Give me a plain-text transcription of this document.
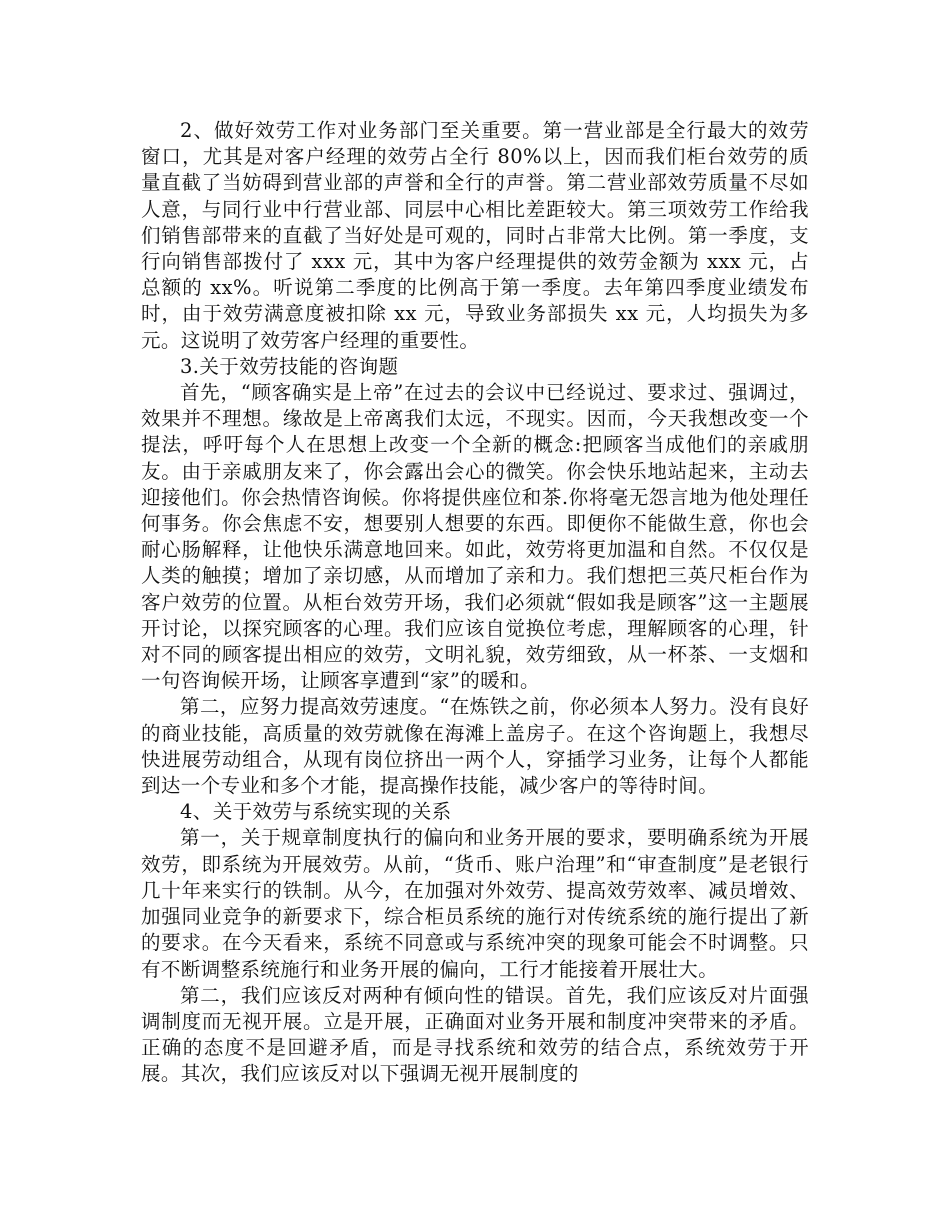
2、做好效劳工作对业务部门至关重要。第一营业部是全行最大的效劳窗口，尤其是对客户经理的效劳占全行 80%以上，因而我们柜台效劳的质量直截了当妨碍到营业部的声誉和全行的声誉。第二营业部效劳质量不尽如人意，与同行业中行营业部、同层中心相比差距较大。第三项效劳工作给我们销售部带来的直截了当好处是可观的，同时占非常大比例。第一季度，支行向销售部拨付了 xxx 元，其中为客户经理提供的效劳金额为 xxx 元，占总额的 xx%。听说第二季度的比例高于第一季度。去年第四季度业绩发布时，由于效劳满意度被扣除 xx 元，导致业务部损失 xx 元，人均损失为多元。这说明了效劳客户经理的重要性。

3.关于效劳技能的咨询题

首先，“顾客确实是上帝”在过去的会议中已经说过、要求过、强调过，效果并不理想。缘故是上帝离我们太远，不现实。因而，今天我想改变一个提法，呼吁每个人在思想上改变一个全新的概念:把顾客当成他们的亲戚朋友。由于亲戚朋友来了，你会露出会心的微笑。你会快乐地站起来，主动去迎接他们。你会热情咨询候。你将提供座位和茶.你将毫无怨言地为他处理任何事务。你会焦虑不安，想要别人想要的东西。即便你不能做生意，你也会耐心肠解释，让他快乐满意地回来。如此，效劳将更加温和自然。不仅仅是人类的触摸；增加了亲切感，从而增加了亲和力。我们想把三英尺柜台作为客户效劳的位置。从柜台效劳开场，我们必须就“假如我是顾客”这一主题展开讨论，以探究顾客的心理。我们应该自觉换位考虑，理解顾客的心理，针对不同的顾客提出相应的效劳，文明礼貌，效劳细致，从一杯茶、一支烟和一句咨询候开场，让顾客享遭到“家”的暖和。

第二，应努力提高效劳速度。“在炼铁之前，你必须本人努力。没有良好的商业技能，高质量的效劳就像在海滩上盖房子。在这个咨询题上，我想尽快进展劳动组合，从现有岗位挤出一两个人，穿插学习业务，让每个人都能到达一个专业和多个才能，提高操作技能，减少客户的等待时间。

4、关于效劳与系统实现的关系

第一，关于规章制度执行的偏向和业务开展的要求，要明确系统为开展效劳，即系统为开展效劳。从前，“货币、账户治理”和“审查制度”是老银行几十年来实行的铁制。从今，在加强对外效劳、提高效劳效率、减员增效、加强同业竞争的新要求下，综合柜员系统的施行对传统系统的施行提出了新的要求。在今天看来，系统不同意或与系统冲突的现象可能会不时调整。只有不断调整系统施行和业务开展的偏向，工行才能接着开展壮大。

第二，我们应该反对两种有倾向性的错误。首先，我们应该反对片面强调制度而无视开展。立是开展，正确面对业务开展和制度冲突带来的矛盾。正确的态度不是回避矛盾，而是寻找系统和效劳的结合点，系统效劳于开展。其次，我们应该反对以下强调无视开展制度的
